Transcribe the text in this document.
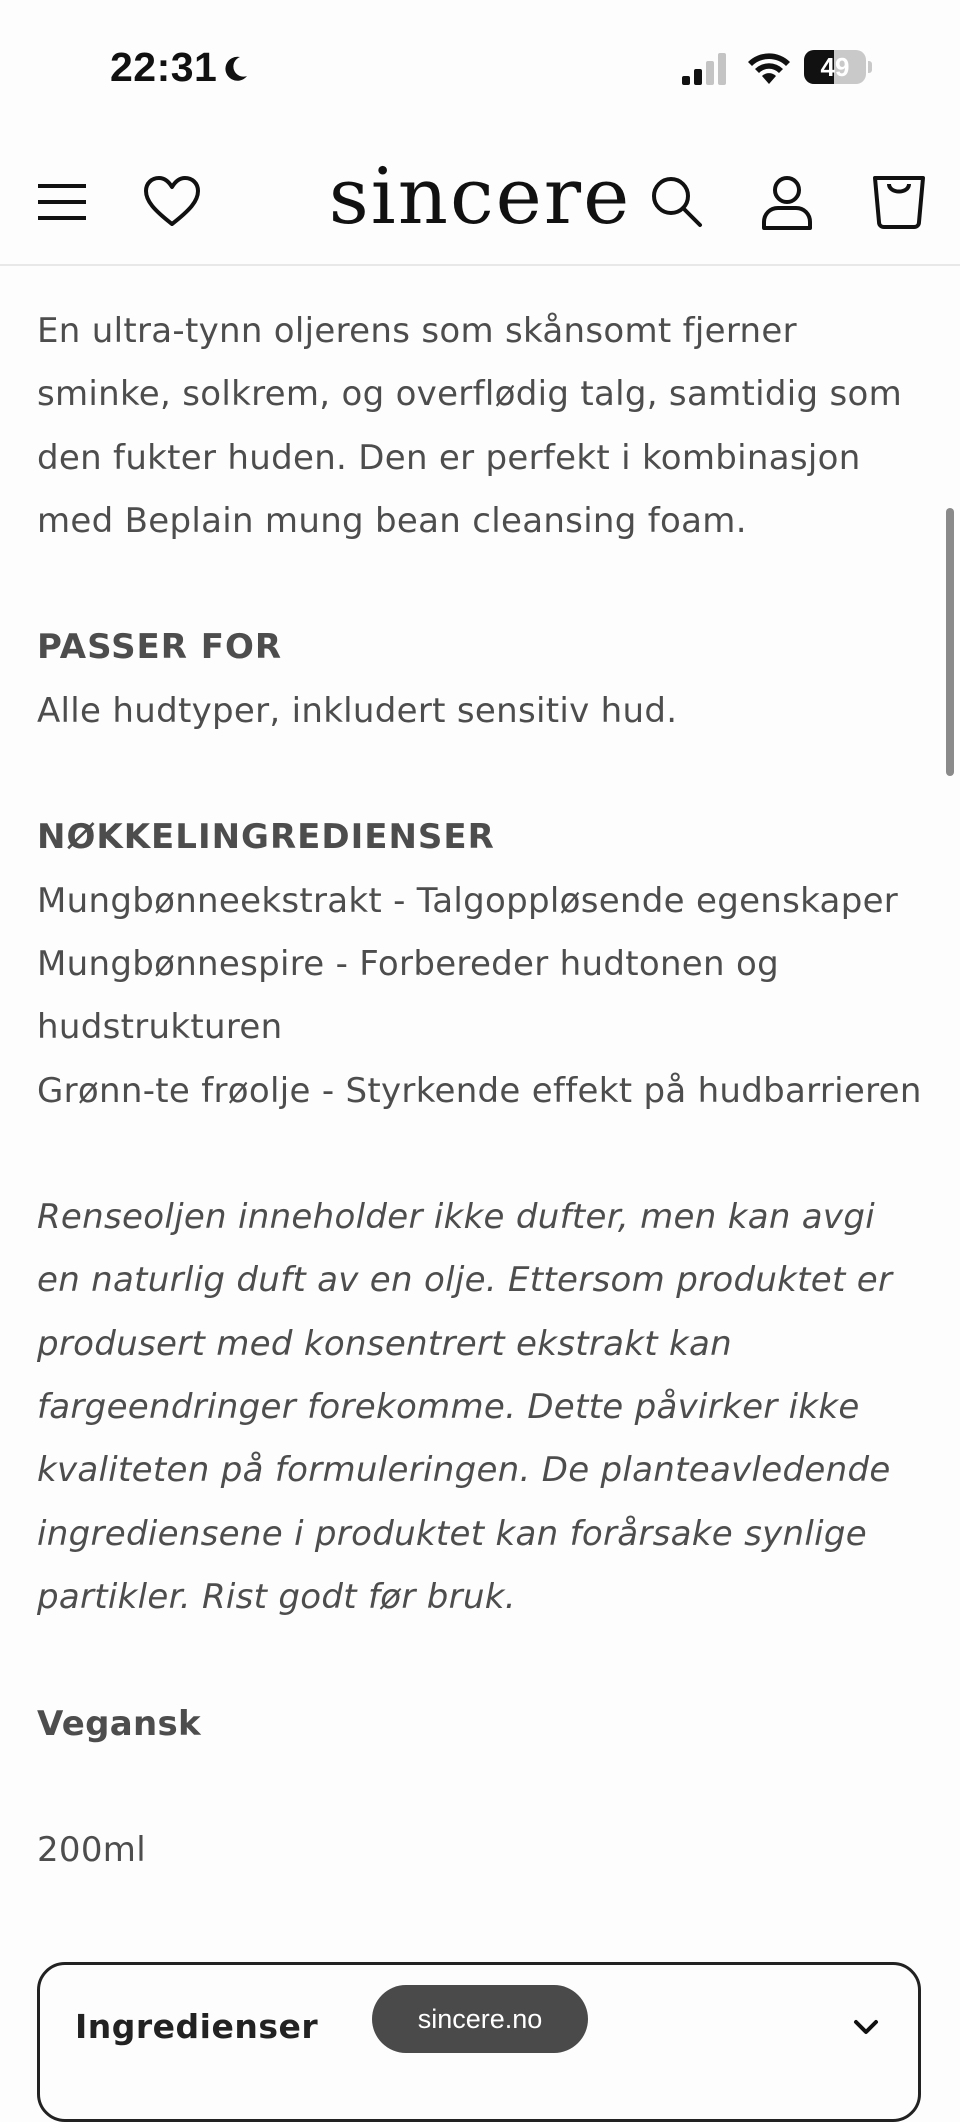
22:31	49
sincere

En ultra-tynn oljerens som skånsomt fjerner sminke, solkrem, og overflødig talg, samtidig som den fukter huden. Den er perfekt i kombinasjon med Beplain mung bean cleansing foam.

PASSER FOR

Alle hudtyper, inkludert sensitiv hud.

NØKKELINGREDIENSER

Mungbønneekstrakt - Talgoppløsende egenskaper

Mungbønnespire - Forbereder hudtonen og hudstrukturen

Grønn-te frøolje - Styrkende effekt på hudbarrieren

Renseoljen inneholder ikke dufter, men kan avgi en naturlig duft av en olje. Ettersom produktet er produsert med konsentrert ekstrakt kan fargeendringer forekomme. Dette påvirker ikke kvaliteten på formuleringen. De planteavledende ingrediensene i produktet kan forårsake synlige partikler. Rist godt før bruk.

Vegansk

200ml

Ingredienser	sincere.no
